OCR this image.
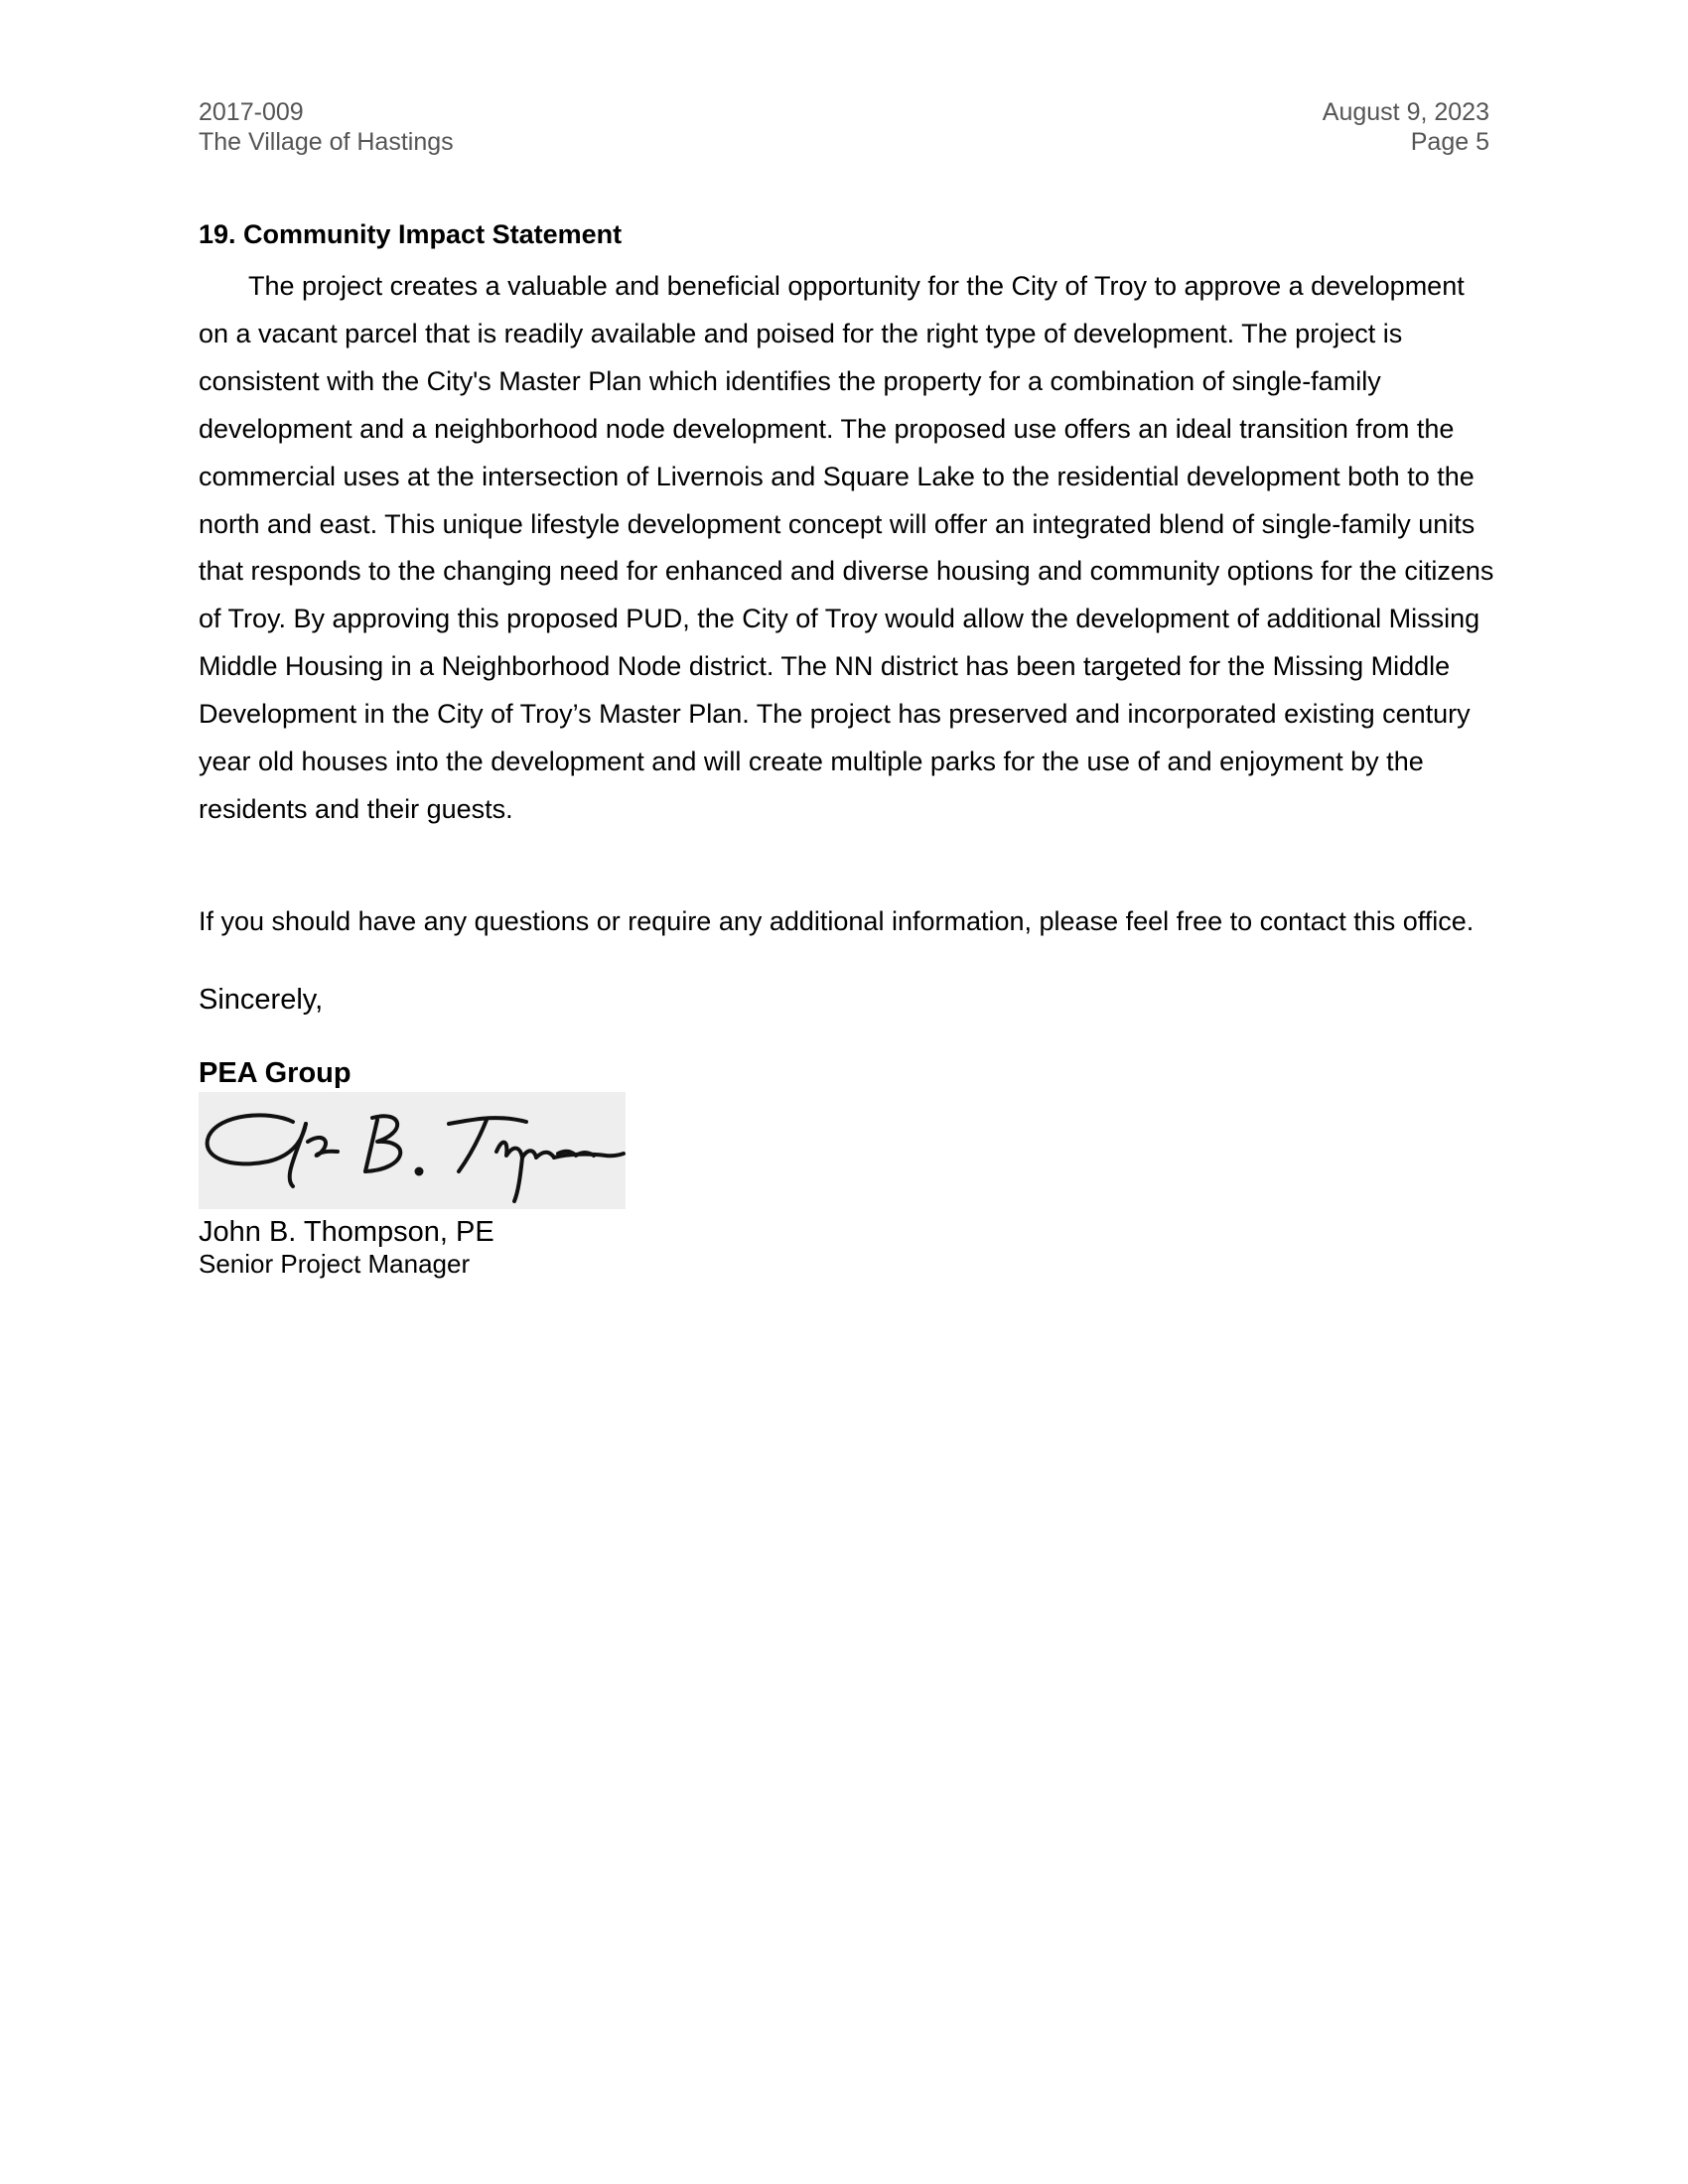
2017-009
The Village of Hastings
August 9, 2023
Page 5
19. Community Impact Statement

The project creates a valuable and beneficial opportunity for the City of Troy to approve a development on a vacant parcel that is readily available and poised for the right type of development. The project is consistent with the City's Master Plan which identifies the property for a combination of single-family development and a neighborhood node development. The proposed use offers an ideal transition from the commercial uses at the intersection of Livernois and Square Lake to the residential development both to the north and east. This unique lifestyle development concept will offer an integrated blend of single-family units that responds to the changing need for enhanced and diverse housing and community options for the citizens of Troy. By approving this proposed PUD, the City of Troy would allow the development of additional Missing Middle Housing in a Neighborhood Node district. The NN district has been targeted for the Missing Middle Development in the City of Troy’s Master Plan. The project has preserved and incorporated existing century year old houses into the development and will create multiple parks for the use of and enjoyment by the residents and their guests.

If you should have any questions or require any additional information, please feel free to contact this office.
Sincerely,
PEA Group
John B. Thompson, PE
Senior Project Manager
